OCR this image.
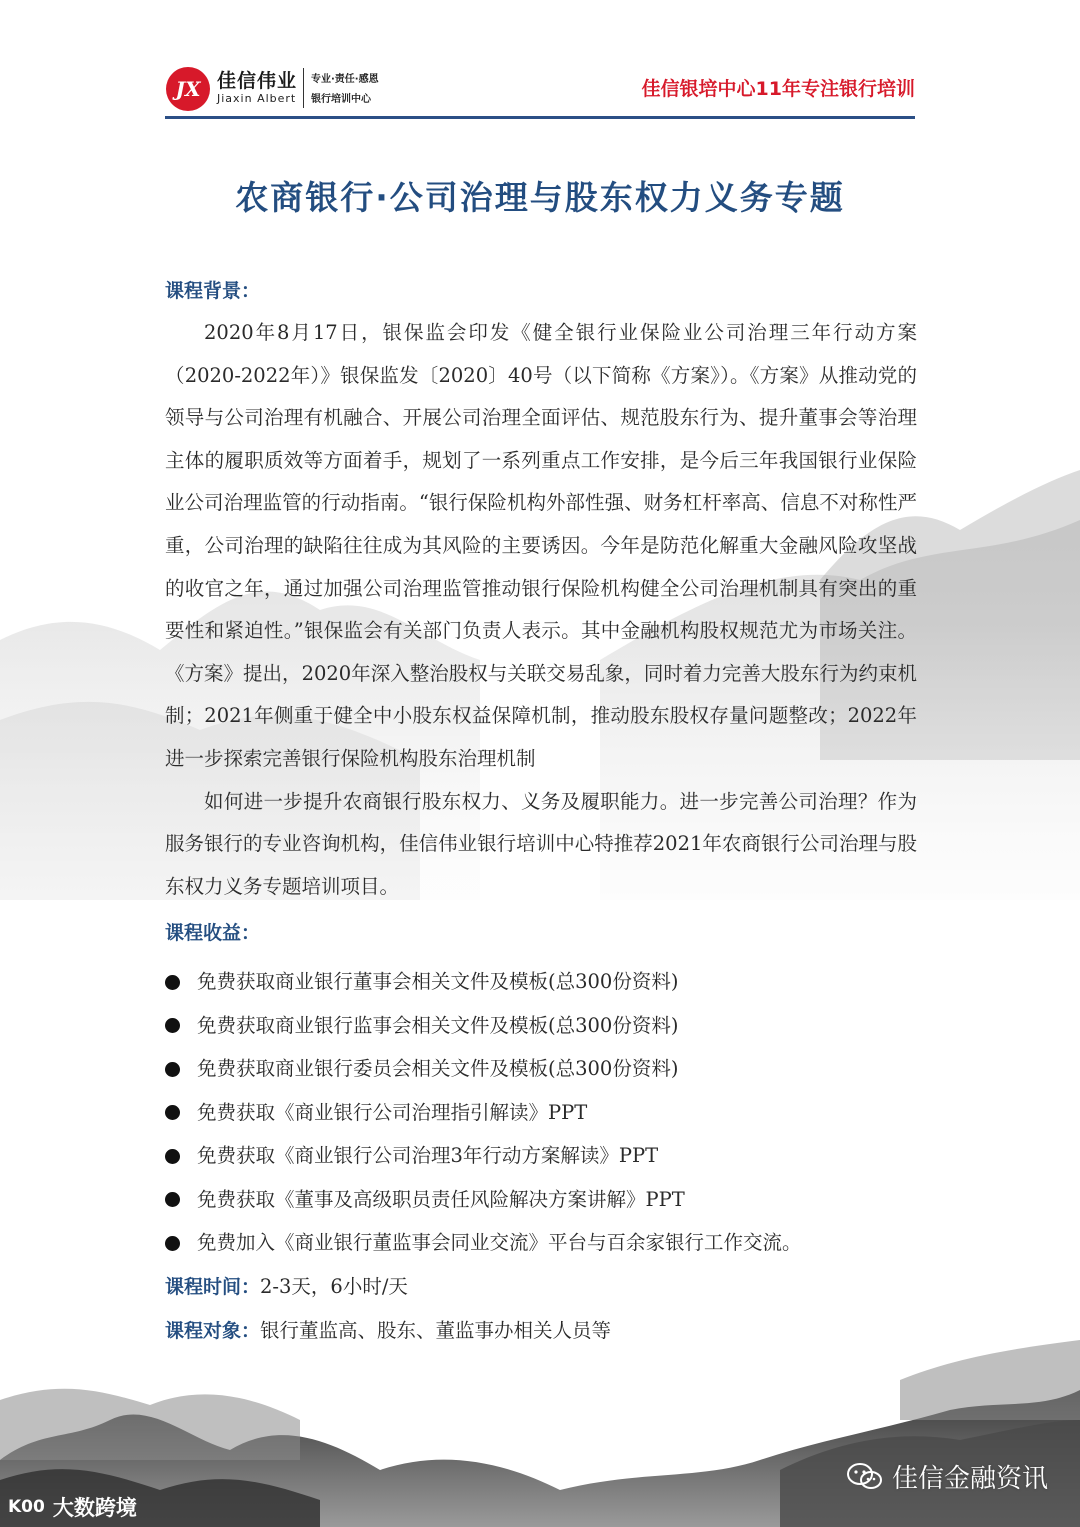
JX 佳信伟业
Jiaxin Albert
专业·责任·感恩
银行培训中心	佳信银培中心11年专注银行培训
农商银行·公司治理与股东权力义务专题
课程背景：

2020年8月17日，银保监会印发《健全银行业保险业公司治理三年行动方案（2020-2022年）》银保监发〔2020〕40号（以下简称《方案》）。《方案》从推动党的领导与公司治理有机融合、开展公司治理全面评估、规范股东行为、提升董事会等治理主体的履职质效等方面着手，规划了一系列重点工作安排，是今后三年我国银行业保险业公司治理监管的行动指南。“银行保险机构外部性强、财务杠杆率高、信息不对称性严重，公司治理的缺陷往往成为其风险的主要诱因。今年是防范化解重大金融风险攻坚战的收官之年，通过加强公司治理监管推动银行保险机构健全公司治理机制具有突出的重要性和紧迫性。”银保监会有关部门负责人表示。其中金融机构股权规范尤为市场关注。《方案》提出，2020年深入整治股权与关联交易乱象，同时着力完善大股东行为约束机制；2021年侧重于健全中小股东权益保障机制，推动股东股权存量问题整改；2022年进一步探索完善银行保险机构股东治理机制

如何进一步提升农商银行股东权力、义务及履职能力。进一步完善公司治理？作为服务银行的专业咨询机构，佳信伟业银行培训中心特推荐2021年农商银行公司治理与股东权力义务专题培训项目。

课程收益：
免费获取商业银行董事会相关文件及模板(总300份资料)
免费获取商业银行监事会相关文件及模板(总300份资料)
免费获取商业银行委员会相关文件及模板(总300份资料)
免费获取《商业银行公司治理指引解读》PPT
免费获取《商业银行公司治理3年行动方案解读》PPT
免费获取《董事及高级职员责任风险解决方案讲解》PPT
免费加入《商业银行董监事会同业交流》平台与百余家银行工作交流。
课程时间：2-3天，6小时/天
课程对象：银行董监高、股东、董监事办相关人员等
K00 大数跨境
佳信金融资讯
